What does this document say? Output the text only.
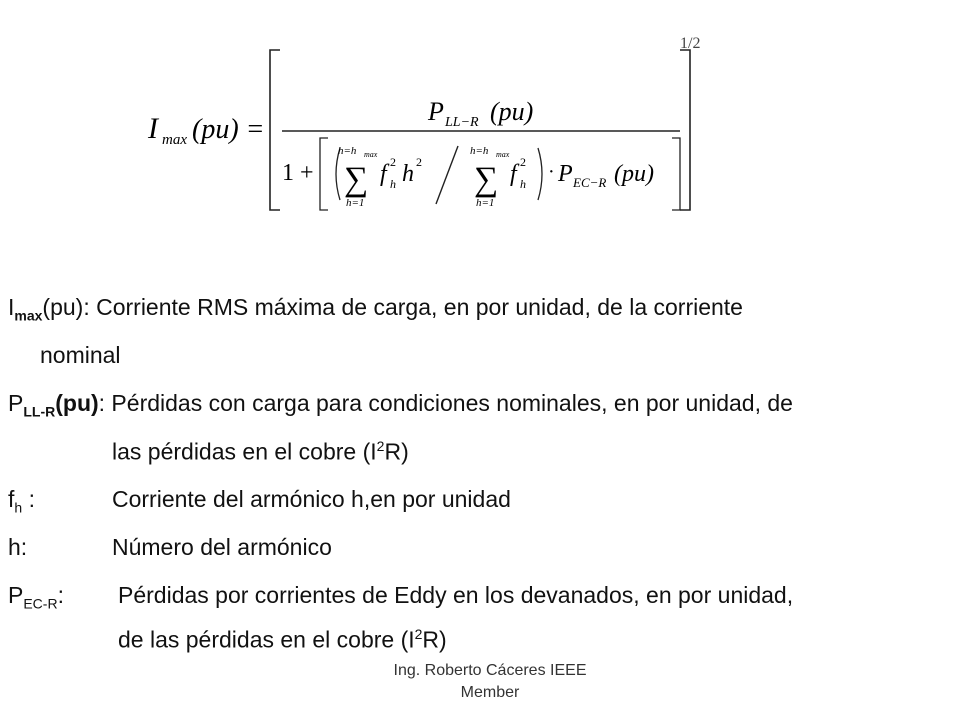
I max (pu) =
1/2
P LL−R (pu)
1 +
h=h max
∑
h=1
f 2
h h 2
h=h max
∑
h=1
f 2
h
· P EC−R (pu)
$I_{max}(pu)$: Corriente RMS máxima de carga, en por unidad, de la corriente
nominal
$P_{LL-R}(pu)$: Pérdidas con carga para condiciones nominales, en por unidad, de
las pérdidas en el cobre $(I^2R)$
$f_h$ :	Corriente del armónico h,en por unidad
h:	Número del armónico
$P_{EC-R}$: Pérdidas por corrientes de Eddy en los devanados, en por unidad,
de las pérdidas en el cobre $(I^2R)$
Ing. Roberto Cáceres IEEE
Member
